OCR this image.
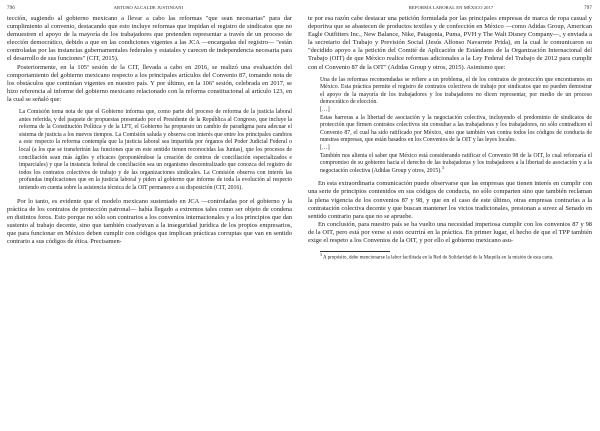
796	ARTURO ALCALDE JUSTINIANI

tección, sugiendo al gobierno mexicano a llevar a cabo las reformas "que sean necesarias" para dar cumplimiento al convenio, destacando que esto incluye reformas que impidan el registro de sindicatos que no demuestren el apoyo de la mayoría de los trabajadores que pretenden representar a través de un proceso de elección democrático, debido a que en las condiciones vigentes a las JCA —encargadas del registro— "están controladas por las instancias gubernamentales federales y estatales y carecen de independencia necesaria para el desarrollo de sus funciones" (CIT, 2015).

Posteriormente, en la 105ª sesión de la CIT, llevada a cabo en 2016, se realizó una evaluación del comportamiento del gobierno mexicano respecto a los principales artículos del Convenio 87, tomando nota de los obstáculos que continúan vigentes en nuestro país. Y por último, en la 106ª sesión, celebrada en 2017, se hizo referencia al informe del gobierno mexicano relacionado con la reforma constitucional al artículo 123, en la cual se señaló que:

La Comisión toma nota de que el Gobierno informa que, como parte del proceso de reforma de la justicia laboral antes referida, y del paquete de propuestas presentado por el Presidente de la República al Congreso, que incluye la reforma de la Constitución Política y de la LFT, el Gobierno ha propuesto un cambio de paradigma para adecuar el sistema de justicia a los nuevos tiempos. La Comisión saluda y observa con interés que entre los principales cambios a este respecto la reforma contempla que la justicia laboral sea impartida por órganos del Poder Judicial Federal o local (a los que se transferirán las funciones que en este sentido tienen reconocidas las Juntas), que los procesos de conciliación sean más ágiles y eficaces (proponiéndose la creación de centros de conciliación especializados e imparciales) y que la instancia federal de conciliación sea un organismo descentralizado que conozca del registro de todos los contratos colectivos de trabajo y de las organizaciones sindicales. La Comisión observa con interés las profundas implicaciones que en la justicia laboral y piden al gobierno que informe de toda la evolución al respecto teniendo en cuenta sobre la asistencia técnica de la OIT permanece a su disposición (CIT, 2016).

Por lo tanto, es evidente que el modelo mexicano sustentado en JCA —controladas por el gobierno y la práctica de los contratos de protección patronal— había llegado a extremos tales como ser objeto de condena en distintos foros. Esto porque no sólo son contrarios a los convenios internacionales y a los principios que dan sustento al trabajo decente, sino que también coadyuvan a la inseguridad jurídica de los propios empresarios, que para funcionar en México deben cumplir con códigos que implican prácticas corruptas que van en sentido contrario a sus códigos de ética. Precisamen-

REFORMA LABORAL EN MÉXICO 2017	797

te por esa razón cabe destacar una petición formulada por las principales empresas de marca de ropa casual y deportiva que se abastecen de productos textiles y de confección en México —como Adidas Group, American Eagle Outfitters Inc., New Balance, Nike, Patagonia, Puma, PVH y The Walt Disney Company—, y enviada a la secretario del Trabajo y Previsión Social (Jesús Alfonso Navarrete Prida), en la cual le comunicaron su "decidido apoyo a la petición del Comité de Aplicación de Estándares de la Organización Internacional del Trabajo (OIT) de que México realice reformas adicionales a la Ley Federal del Trabajo de 2012 para cumplir con el Convenio 87 de la OIT" (Adidas Group y otros, 2015). Asimismo que:

Una de las reformas recomendadas se refiere a un problema, el de los contratos de protección que encontramos en México. Esta práctica permite el registro de contratos colectivos de trabajo por sindicatos que no pueden demostrar el apoyo de la mayoría de los trabajadores y los trabajadores no dicen representar, por medio de un proceso democrático de elección.

[…]

Estas barreras a la libertad de asociación y la negociación colectiva, incluyendo el predominio de sindicatos de protección que firmen contratos colectivos sin consultar a las trabajadoras y los trabajadores, no sólo contradicen el Convenio 87, el cual ha sido ratificado por México, sino que también van contra todos los códigos de conducta de nuestras empresas, que están basados en los Convenios de la OIT y las leyes locales.

[…]

También nos alienta el saber que México está considerando ratificar el Convenio 98 de la OIT, lo cual reforzaría el compromiso de su gobierno hacia el derecho de las trabajadoras y los trabajadores a la libertad de asociación y a la negociación colectiva (Adidas Group y otros, 2015).$^3$

En esta extraordinaria comunicación puede observarse que las empresas que tienen interés en cumplir con una serie de principios contenidos en sus códigos de conducta, no sólo comparten sino que también reclaman la plena vigencia de los convenios 87 y 98, y que en el caso de este último, otras empresas contrarias a la contratación colectiva decente y que buscan mantener los vicios tradicionales, presionan a suvez al Senado en sentido contrario para que no se apruebe.

En conclusión, para nuestro país se ha vuelto una necesidad imperiosa cumplir con los convenios 87 y 98 de la OIT, pero está por verse si esto ocurrirá en la práctica. En primer lugar, el hecho de que el TPP también exige el respeto a los Convenios de la OIT, y por ello el gobierno mexicano asu-

$^3$ A propósito, debe mencionarse la labor facilitada en la Red de Solidaridad de la Maquila en la misión de esta carta.
